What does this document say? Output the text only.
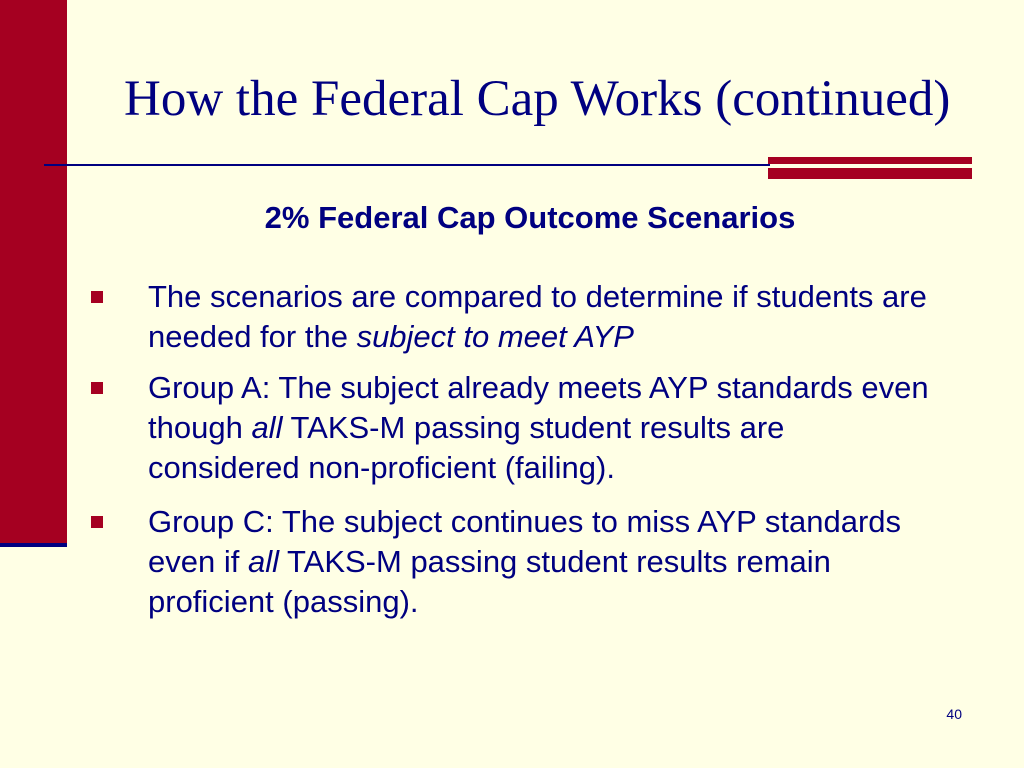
How the Federal Cap Works (continued)
2% Federal Cap Outcome Scenarios

The scenarios are compared to determine if students are
needed for the subject to meet AYP

Group A: The subject already meets AYP standards even
though all TAKS-M passing student results are
considered non-proficient (failing).

Group C: The subject continues to miss AYP standards
even if all TAKS-M passing student results remain
proficient (passing).

40
